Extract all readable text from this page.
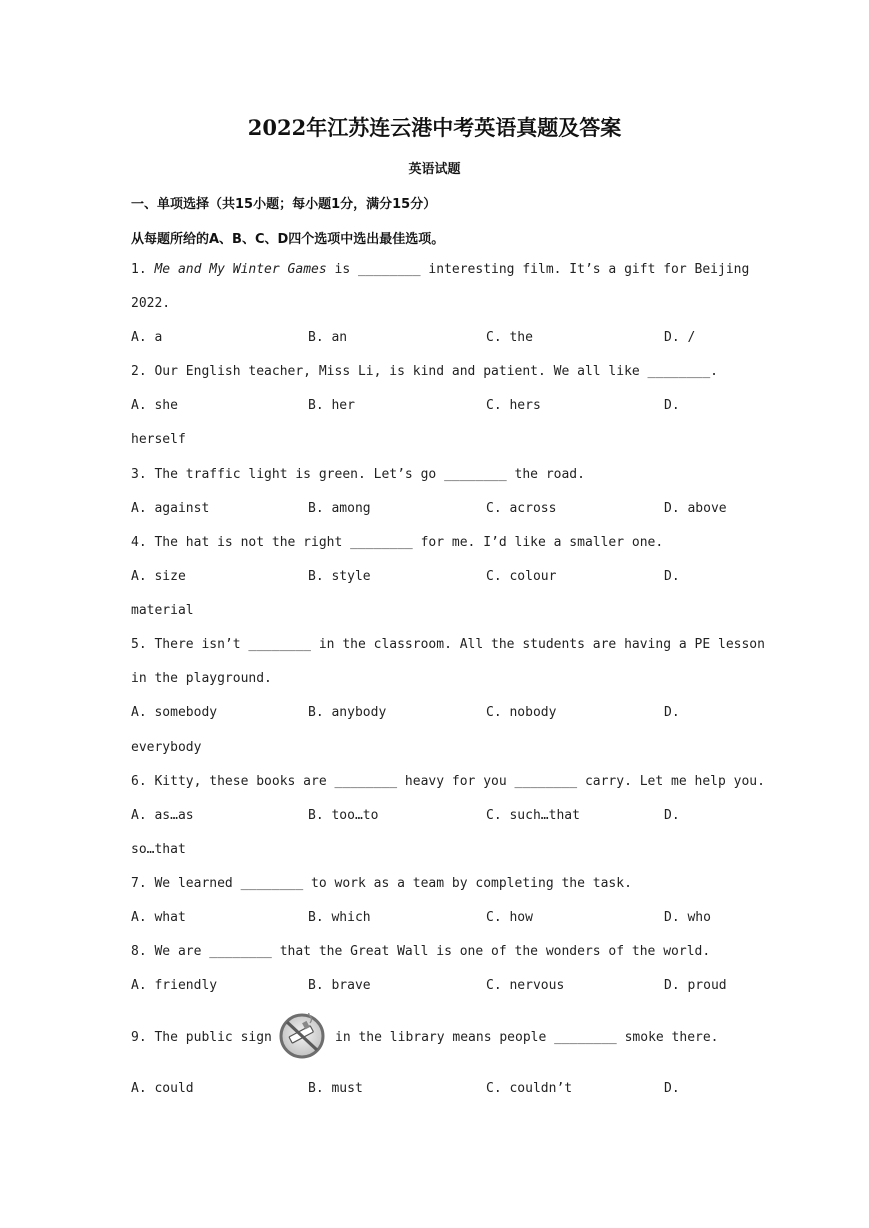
2022年江苏连云港中考英语真题及答案
英语试题
一、单项选择（共15小题；每小题1分，满分15分）
从每题所给的A、B、C、D四个选项中选出最佳选项。
1. Me and My Winter Games is ________ interesting film. It’s a gift for Beijing
2022.
A. a	B. an	C. the	D. /
2. Our English teacher, Miss Li, is kind and patient. We all like ________.
A. she	B. her	C. hers	D.
herself
3. The traffic light is green. Let’s go ________ the road.
A. against	B. among	C. across	D. above
4. The hat is not the right ________ for me. I’d like a smaller one.
A. size	B. style	C. colour	D.
material
5. There isn’t ________ in the classroom. All the students are having a PE lesson
in the playground.
A. somebody	B. anybody	C. nobody	D.
everybody
6. Kitty, these books are ________ heavy for you ________ carry. Let me help you.
A. as…as	B. too…to	C. such…that	D.
so…that
7. We learned ________ to work as a team by completing the task.
A. what	B. which	C. how	D. who
8. We are ________ that the Great Wall is one of the wonders of the world.
A. friendly	B. brave	C. nervous	D. proud
9. The public sign	in the library means people ________ smoke there.
A. could	B. must	C. couldn’t	D.
